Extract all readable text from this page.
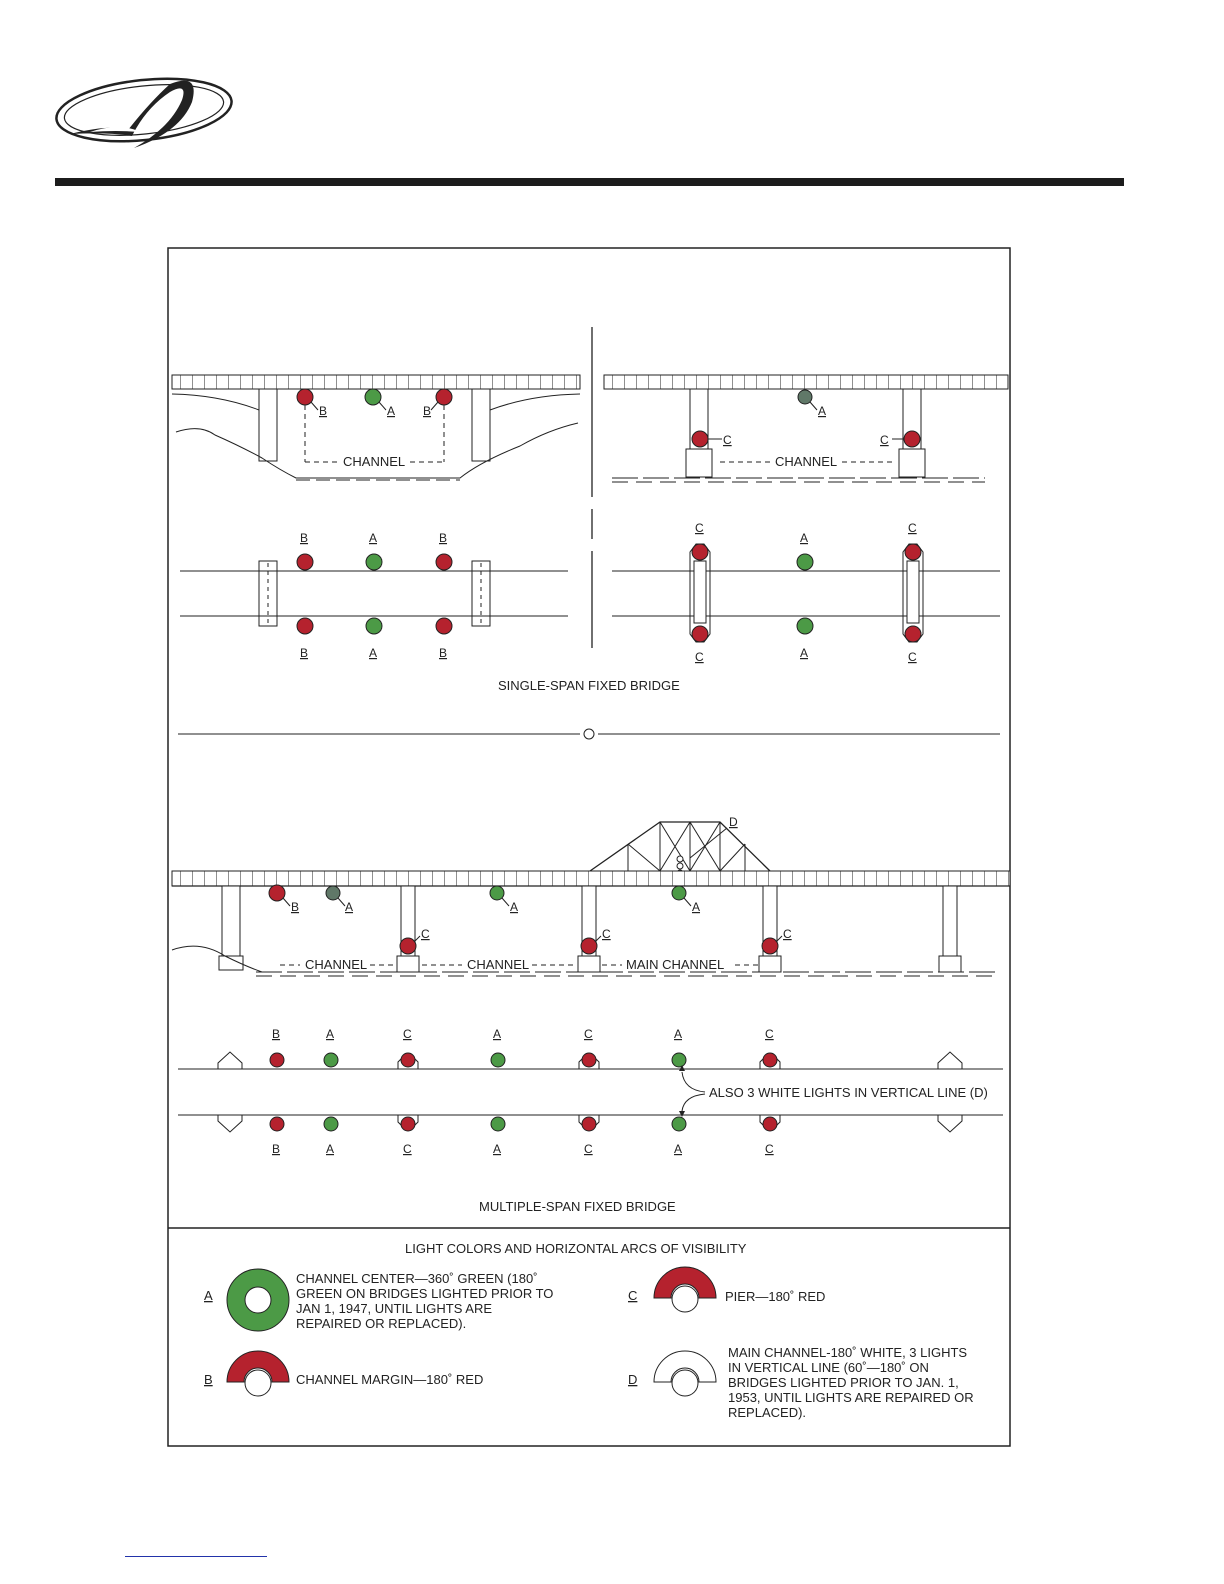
CHANNEL
B	A B
CHANNEL
C	C
A
B	A	B
B	A	B
C
A
C
C	A	C
SINGLE-SPAN FIXED BRIDGE
D
CHANNEL	CHANNEL	MAIN CHANNEL
B	A	A	A
C	C	C
B	A	C	A	C	A	C
B	A	C	A	C	A	C
ALSO 3 WHITE LIGHTS IN VERTICAL LINE (D)
MULTIPLE-SPAN FIXED BRIDGE
LIGHT COLORS AND HORIZONTAL ARCS OF VISIBILITY
A
CHANNEL CENTER—360˚ GREEN (180˚
GREEN ON BRIDGES LIGHTED PRIOR TO
JAN 1, 1947, UNTIL LIGHTS ARE
REPAIRED OR REPLACED).
B	CHANNEL MARGIN—180˚ RED
C	PIER—180˚ RED
D
MAIN CHANNEL-180˚ WHITE, 3 LIGHTS
IN VERTICAL LINE (60˚—180˚ ON
BRIDGES LIGHTED PRIOR TO JAN. 1,
1953, UNTIL LIGHTS ARE REPAIRED OR
REPLACED).
